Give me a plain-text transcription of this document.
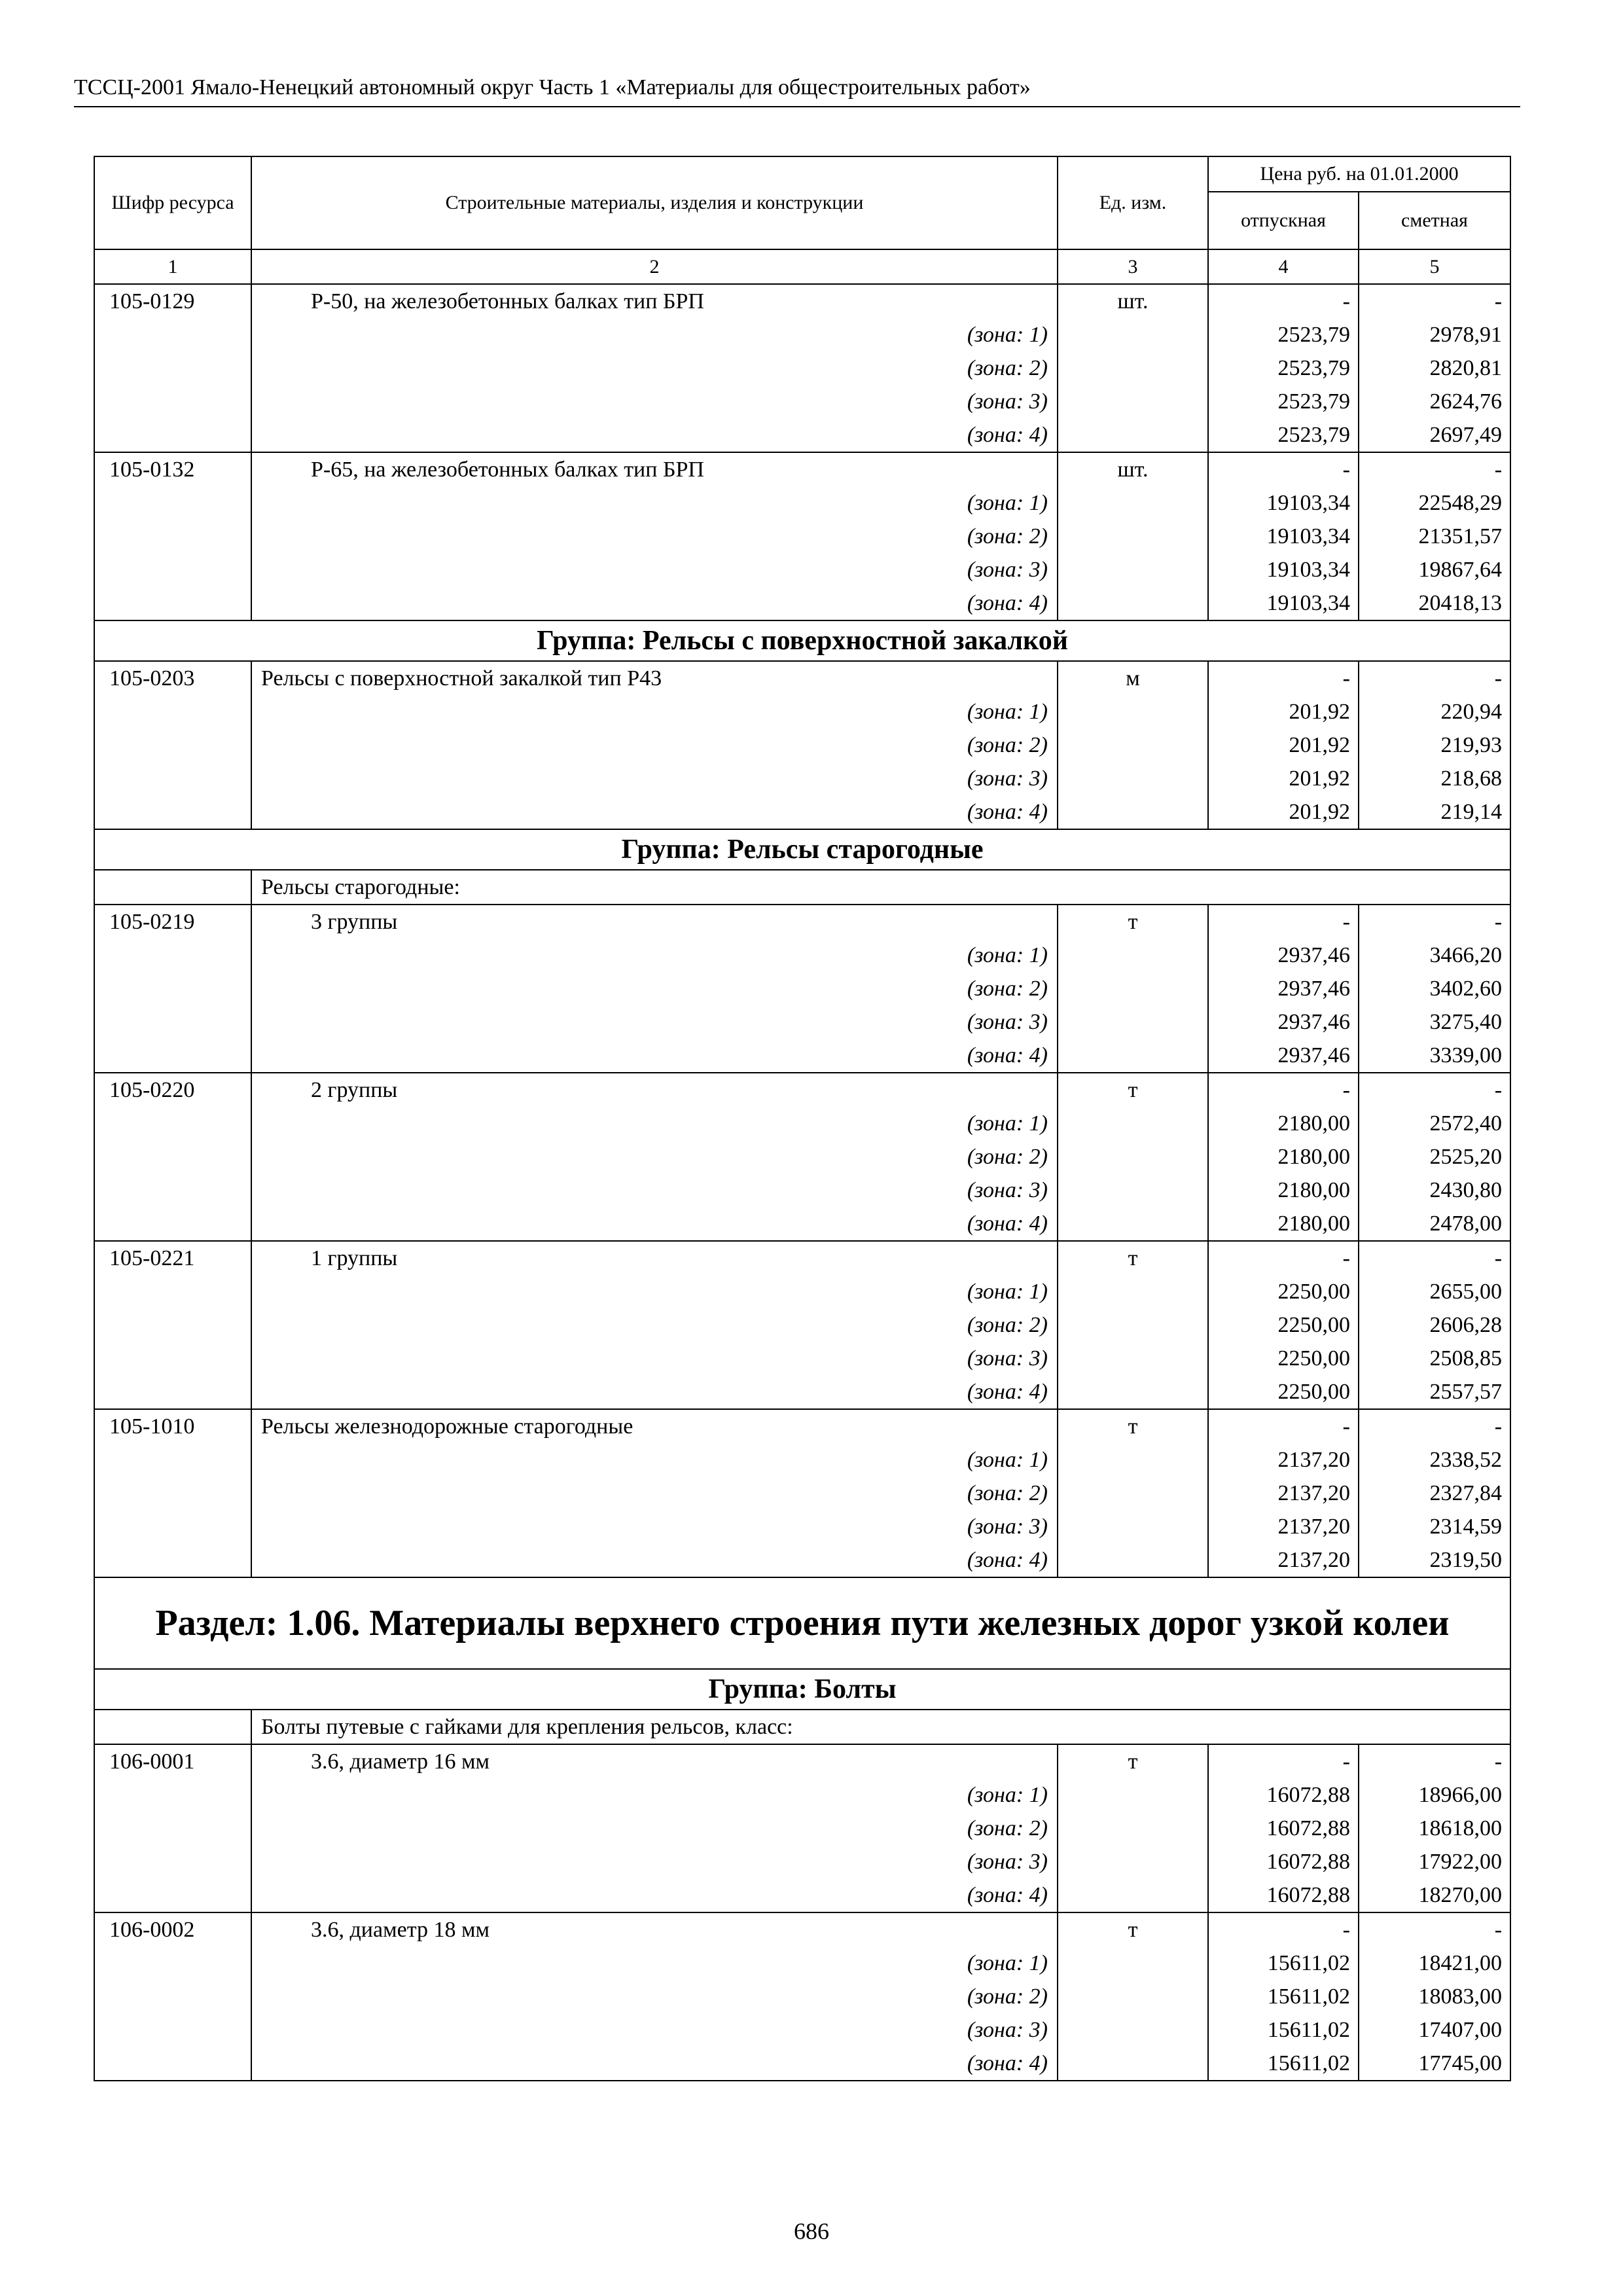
ТССЦ-2001 Ямало-Ненецкий автономный округ Часть 1 «Материалы для общестроительных работ»
Шифр ресурса	Строительные материалы, изделия и конструкции	Ед. изм.	Цена руб. на 01.01.2000	
			отпускная	сметная
1	2	3	4	5
105-0129	Р-50, на железобетонных балках тип БРП	шт.	-	-
	(зона: 1)		2523,79	2978,91
	(зона: 2)		2523,79	2820,81
	(зона: 3)		2523,79	2624,76
	(зона: 4)		2523,79	2697,49
105-0132	Р-65, на железобетонных балках тип БРП	шт.	-	-
	(зона: 1)		19103,34	22548,29
	(зона: 2)		19103,34	21351,57
	(зона: 3)		19103,34	19867,64
	(зона: 4)		19103,34	20418,13
Группа: Рельсы с поверхностной закалкой				
105-0203	Рельсы с поверхностной закалкой тип Р43	м	-	-
	(зона: 1)		201,92	220,94
	(зона: 2)		201,92	219,93
	(зона: 3)		201,92	218,68
	(зона: 4)		201,92	219,14
Группа: Рельсы старогодные				
	Рельсы старогодные:			
105-0219	3 группы	т	-	-
	(зона: 1)		2937,46	3466,20
	(зона: 2)		2937,46	3402,60
	(зона: 3)		2937,46	3275,40
	(зона: 4)		2937,46	3339,00
105-0220	2 группы	т	-	-
	(зона: 1)		2180,00	2572,40
	(зона: 2)		2180,00	2525,20
	(зона: 3)		2180,00	2430,80
	(зона: 4)		2180,00	2478,00
105-0221	1 группы	т	-	-
	(зона: 1)		2250,00	2655,00
	(зона: 2)		2250,00	2606,28
	(зона: 3)		2250,00	2508,85
	(зона: 4)		2250,00	2557,57
105-1010	Рельсы железнодорожные старогодные	т	-	-
	(зона: 1)		2137,20	2338,52
	(зона: 2)		2137,20	2327,84
	(зона: 3)		2137,20	2314,59
	(зона: 4)		2137,20	2319,50
Раздел: 1.06. Материалы верхнего строения пути железных дорог узкой колеи				
Группа: Болты				
	Болты путевые с гайками для крепления рельсов, класс:			
106-0001	3.6, диаметр 16 мм	т	-	-
	(зона: 1)		16072,88	18966,00
	(зона: 2)		16072,88	18618,00
	(зона: 3)		16072,88	17922,00
	(зона: 4)		16072,88	18270,00
106-0002	3.6, диаметр 18 мм	т	-	-
	(зона: 1)		15611,02	18421,00
	(зона: 2)		15611,02	18083,00
	(зона: 3)		15611,02	17407,00
	(зона: 4)		15611,02	17745,00
686
